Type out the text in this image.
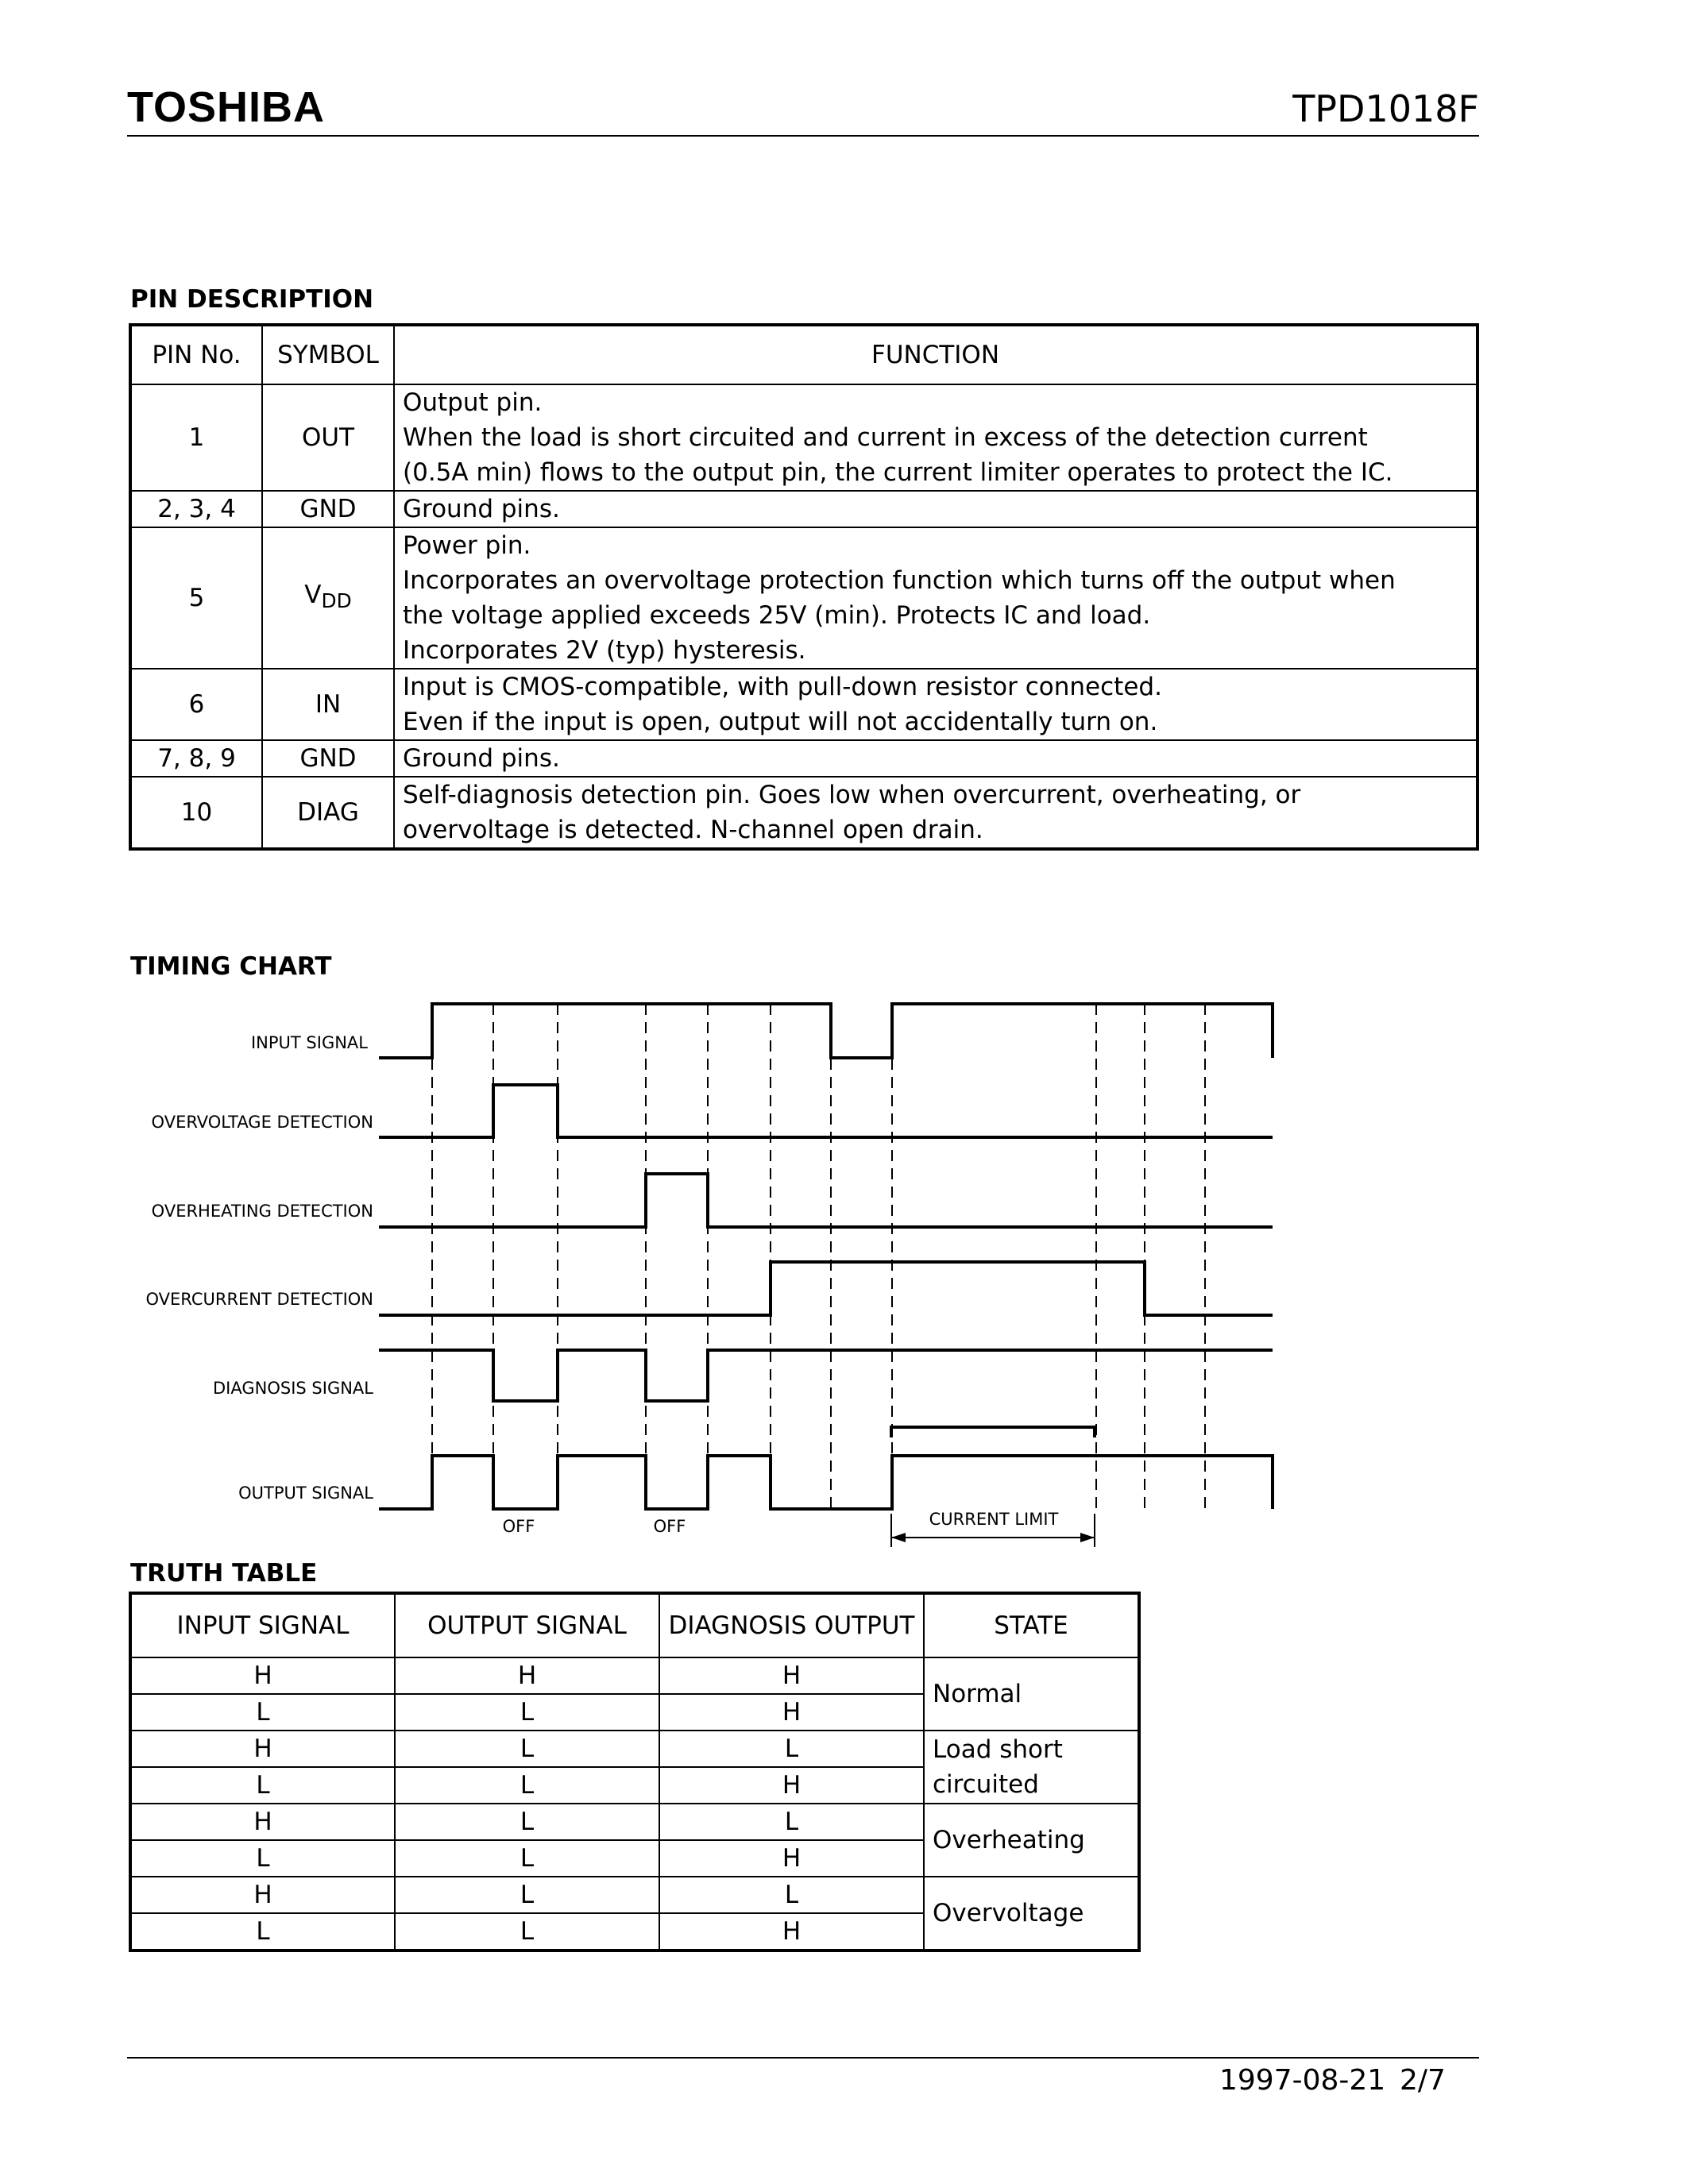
TOSHIBA	TPD1018F
PIN DESCRIPTION
PIN No.	SYMBOL	FUNCTION
1	OUT	Output pin.
When the load is short circuited and current in excess of the detection current
(0.5A min) flows to the output pin, the current limiter operates to protect the IC.

2, 3, 4	GND	Ground pins.

5	$V_{DD}$	Power pin.
Incorporates an overvoltage protection function which turns off the output when
the voltage applied exceeds 25V (min). Protects IC and load.
Incorporates 2V (typ) hysteresis.

6	IN	Input is CMOS-compatible, with pull-down resistor connected.
Even if the input is open, output will not accidentally turn on.

7, 8, 9	GND	Ground pins.

10	DIAG	Self-diagnosis detection pin. Goes low when overcurrent, overheating, or
overvoltage is detected. N-channel open drain.
TIMING CHART
INPUT SIGNAL
OVERVOLTAGE DETECTION
OVERHEATING DETECTION
OVERCURRENT DETECTION
DIAGNOSIS SIGNAL
OUTPUT SIGNAL
OFF	OFF	CURRENT LIMIT
TRUTH TABLE
INPUT SIGNAL	OUTPUT SIGNAL	DIAGNOSIS OUTPUT	STATE
H	H	H	Normal

L	L	H	
H	L	L	Load short
circuited

L	L	H	
H	L	L	Overheating

L	L	H	
H	L	L	Overvoltage

L	L	H	
1997-08-21 2/7
